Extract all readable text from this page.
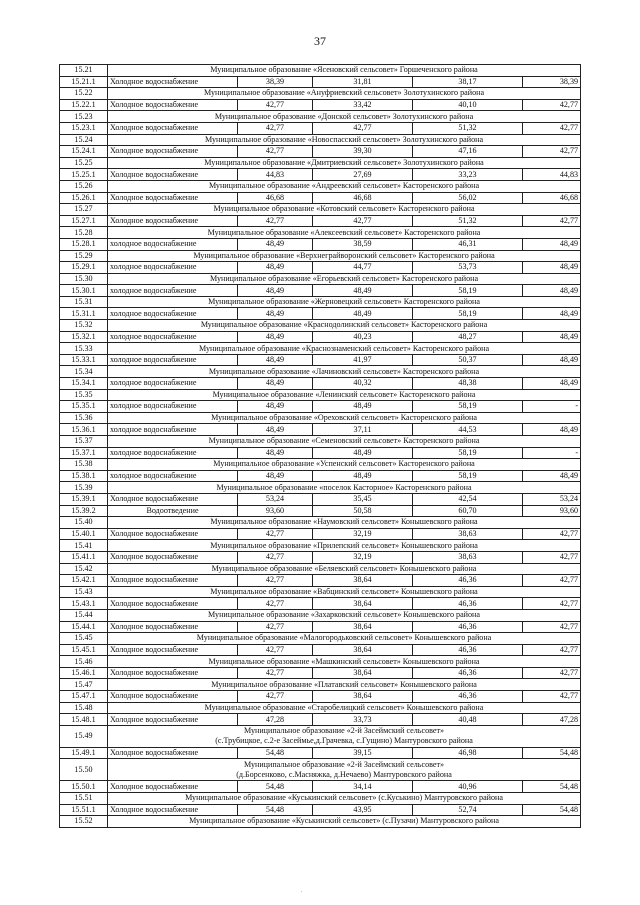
37
15.21	Муниципальное образование «Ясеновский сельсовет» Горшеченского района				
15.21.1	Холодное водоснабжение	38,39	31,81	38,17	38,39
15.22	Муниципальное образование «Ануфриевский сельсовет» Золотухинского района				
15.22.1	Холодное водоснабжение	42,77	33,42	40,10	42,77
15.23	Муниципальное образование «Донской сельсовет» Золотухинского района				
15.23.1	Холодное водоснабжение	42,77	42,77	51,32	42,77
15.24	Муниципальное образование «Новоспасский сельсовет» Золотухинского района				
15.24.1	Холодное водоснабжение	42,77	39,30	47,16	42,77
15.25	Муниципальное образование «Дмитриевский сельсовет» Золотухинского района				
15.25.1	Холодное водоснабжение	44,83	27,69	33,23	44,83
15.26	Муниципальное образование «Андреевский сельсовет» Касторенского района				
15.26.1	Холодное водоснабжение	46,68	46,68	56,02	46,68
15.27	Муниципальное образование «Котовский сельсовет» Касторенского района				
15.27.1	Холодное водоснабжение	42,77	42,77	51,32	42,77
15.28	Муниципальное образование «Алексеевский сельсовет» Касторенского района				
15.28.1	холодное водоснабжение	48,49	38,59	46,31	48,49
15.29	Муниципальное образование «Верхнеграйворонский сельсовет» Касторенского района				
15.29.1	холодное водоснабжение	48,49	44,77	53,73	48,49
15.30	Муниципальное образование «Егорьевский сельсовет» Касторенского района				
15.30.1	холодное водоснабжение	48,49	48,49	58,19	48,49
15.31	Муниципальное образование «Жерновецкий сельсовет» Касторенского района				
15.31.1	холодное водоснабжение	48,49	48,49	58,19	48,49
15.32	Муниципальное образование «Краснодолинский сельсовет» Касторенского района				
15.32.1	холодное водоснабжение	48,49	40,23	48,27	48,49
15.33	Муниципальное образование «Краснознаменский сельсовет» Касторенского района				
15.33.1	холодное водоснабжение	48,49	41,97	50,37	48,49
15.34	Муниципальное образование «Лачиновский сельсовет» Касторенского района				
15.34.1	холодное водоснабжение	48,49	40,32	48,38	48,49
15.35	Муниципальное образование «Ленинский сельсовет» Касторенского района				
15.35.1	холодное водоснабжение	48,49	48,49	58,19	-
15.36	Муниципальное образование «Ореховский сельсовет» Касторенского района				
15.36.1	холодное водоснабжение	48,49	37,11	44,53	48,49
15.37	Муниципальное образование «Семеновский сельсовет» Касторенского района				
15.37.1	холодное водоснабжение	48,49	48,49	58,19	-
15.38	Муниципальное образование «Успенский сельсовет» Касторенского района				
15.38.1	холодное водоснабжение	48,49	48,49	58,19	48,49
15.39	Муниципальное образование «поселок Касторное» Касторенского района				
15.39.1	Холодное водоснабжение	53,24	35,45	42,54	53,24
15.39.2	Водоотведение	93,60	50,58	60,70	93,60
15.40	Муниципальное образование «Наумовский сельсовет» Конышевского района				
15.40.1	Холодное водоснабжение	42,77	32,19	38,63	42,77
15.41	Муниципальное образование «Прилепский сельсовет» Конышевского района				
15.41.1	Холодное водоснабжение	42,77	32,19	38,63	42,77
15.42	Муниципальное образование «Беляевский сельсовет» Конышевского района				
15.42.1	Холодное водоснабжение	42,77	38,64	46,36	42,77
15.43	Муниципальное образование «Вабцинский сельсовет» Конышевского района				
15.43.1	Холодное водоснабжение	42,77	38,64	46,36	42,77
15.44	Муниципальное образование «Захарковский сельсовет» Конышевского района				
15.44.1	Холодное водоснабжение	42,77	38,64	46,36	42,77
15.45	Муниципальное образование «Малогородьковский сельсовет» Конышевского района				
15.45.1	Холодное водоснабжение	42,77	38,64	46,36	42,77
15.46	Муниципальное образование «Машкинский сельсовет» Конышевского района				
15.46.1	Холодное водоснабжение	42,77	38,64	46,36	42,77
15.47	Муниципальное образование «Платавский сельсовет» Конышевского района				
15.47.1	Холодное водоснабжение	42,77	38,64	46,36	42,77
15.48	Муниципальное образование «Старобелицкий сельсовет» Конышевского района				
15.48.1	Холодное водоснабжение	47,28	33,73	40,48	47,28
15.49	Муниципальное образование «2-й Засеймский сельсовет»
(с.Трубицкое, с.2-е Засеймье,д.Грачевка, с.Гущино) Мантуровского района				

15.49.1	Холодное водоснабжение	54,48	39,15	46,98	54,48
15.50	Муниципальное образование «2-й Засеймский сельсовет»
(д.Борсенково, с.Масняжка, д.Нечаево) Мантуровского района				

15.50.1	Холодное водоснабжение	54,48	34,14	40,96	54,48
15.51	Муниципальное образование «Куськинский сельсовет» (с.Куськино) Мантуровского района				
15.51.1	Холодное водоснабжение	54,48	43,95	52,74	54,48
15.52	Муниципальное образование «Куськинский сельсовет» (с.Пузачи) Мантуровского района				
.
